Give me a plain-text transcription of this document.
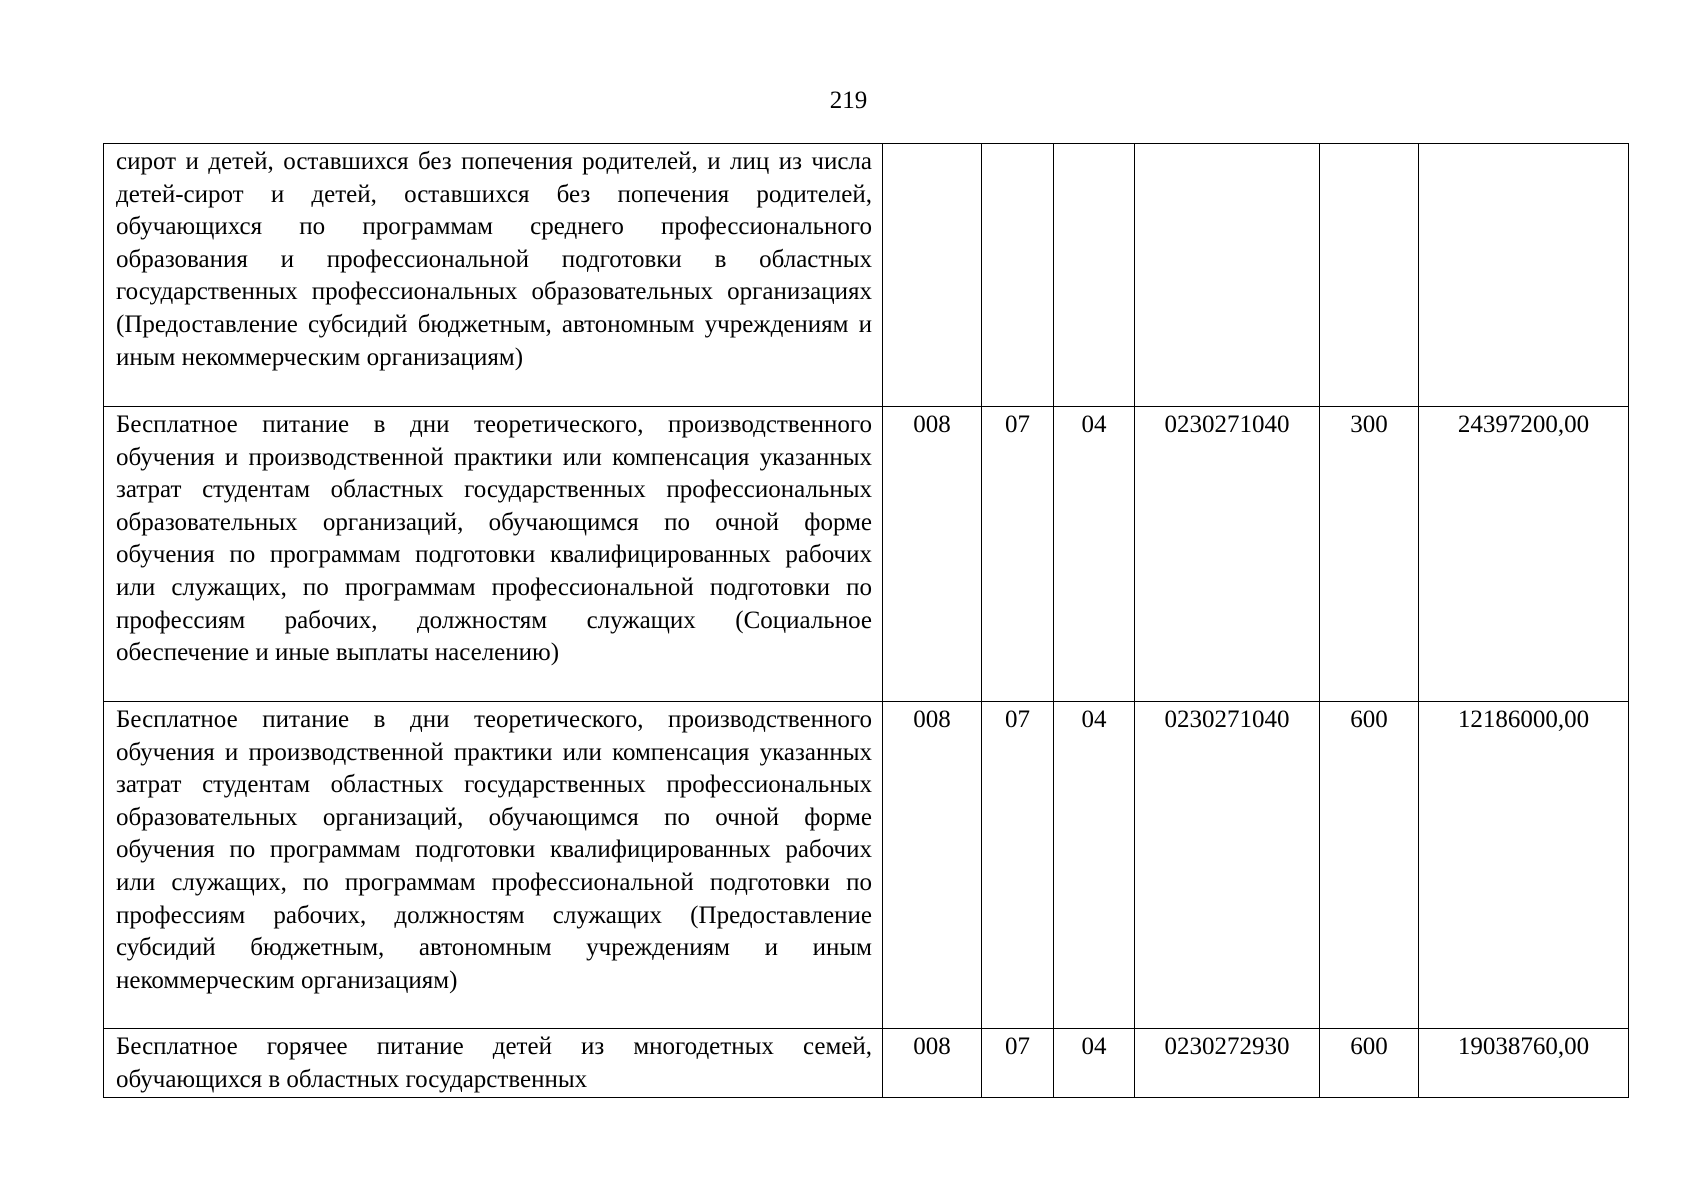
219
сирот и детей, оставшихся без попечения родителей, и лиц из числа детей-сирот и детей, оставшихся без попечения родителей, обучающихся по программам среднего профессионального образования и профессиональной подготовки в областных государственных профессиональных образовательных организациях (Предоставление субсидий бюджетным, автономным учреждениям и иным некоммерческим организациям)						
Бесплатное питание в дни теоретического, производственного обучения и производственной практики или компенсация указанных затрат студентам областных государственных профессиональных образовательных организаций, обучающимся по очной форме обучения по программам подготовки квалифицированных рабочих или служащих, по программам профессиональной подготовки по профессиям рабочих, должностям служащих (Социальное обеспечение и иные выплаты населению)	008	07	04	0230271040	300	24397200,00
Бесплатное питание в дни теоретического, производственного обучения и производственной практики или компенсация указанных затрат студентам областных государственных профессиональных образовательных организаций, обучающимся по очной форме обучения по программам подготовки квалифицированных рабочих или служащих, по программам профессиональной подготовки по профессиям рабочих, должностям служащих (Предоставление субсидий бюджетным, автономным учреждениям и иным некоммерческим организациям)	008	07	04	0230271040	600	12186000,00

Бесплатное горячее питание детей из многодетных семей, обучающихся в областных государственных	008	07	04	0230272930	600	19038760,00
